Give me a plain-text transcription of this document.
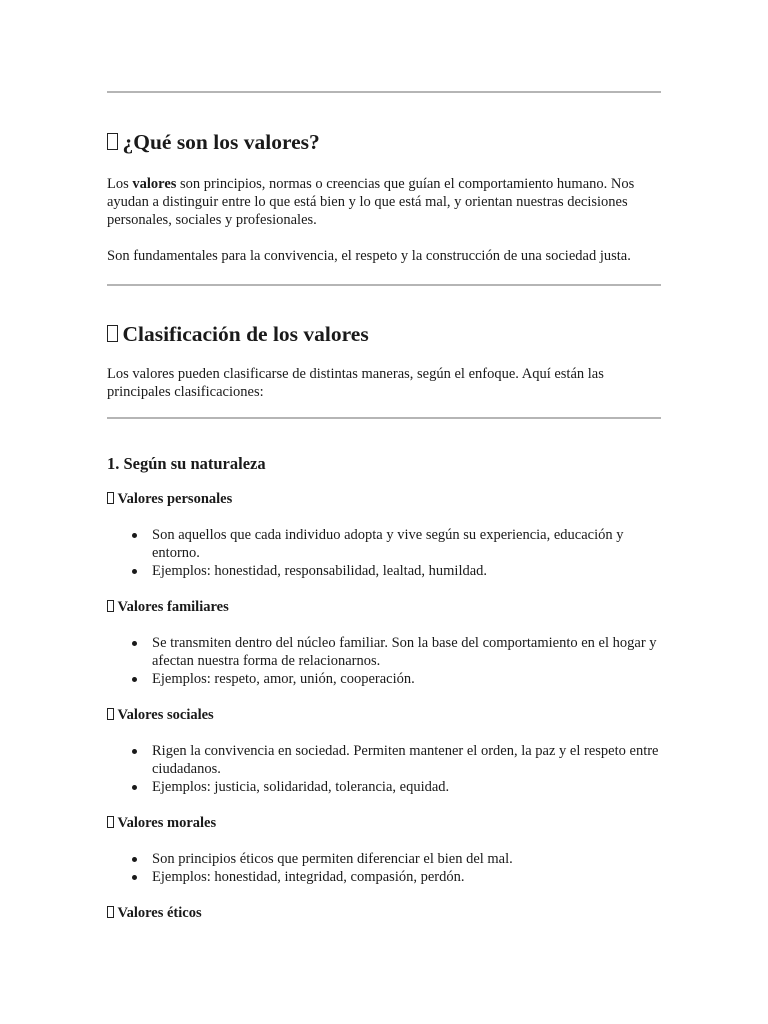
¿Qué son los valores?

Los valores son principios, normas o creencias que guían el comportamiento humano. Nos ayudan a distinguir entre lo que está bien y lo que está mal, y orientan nuestras decisiones personales, sociales y profesionales.

Son fundamentales para la convivencia, el respeto y la construcción de una sociedad justa.

Clasificación de los valores

Los valores pueden clasificarse de distintas maneras, según el enfoque. Aquí están las principales clasificaciones:

1. Según su naturaleza
Valores personales
Son aquellos que cada individuo adopta y vive según su experiencia, educación y entorno.
Ejemplos: honestidad, responsabilidad, lealtad, humildad.
Valores familiares
Se transmiten dentro del núcleo familiar. Son la base del comportamiento en el hogar y afectan nuestra forma de relacionarnos.
Ejemplos: respeto, amor, unión, cooperación.
Valores sociales
Rigen la convivencia en sociedad. Permiten mantener el orden, la paz y el respeto entre ciudadanos.
Ejemplos: justicia, solidaridad, tolerancia, equidad.
Valores morales
Son principios éticos que permiten diferenciar el bien del mal.
Ejemplos: honestidad, integridad, compasión, perdón.
Valores éticos
